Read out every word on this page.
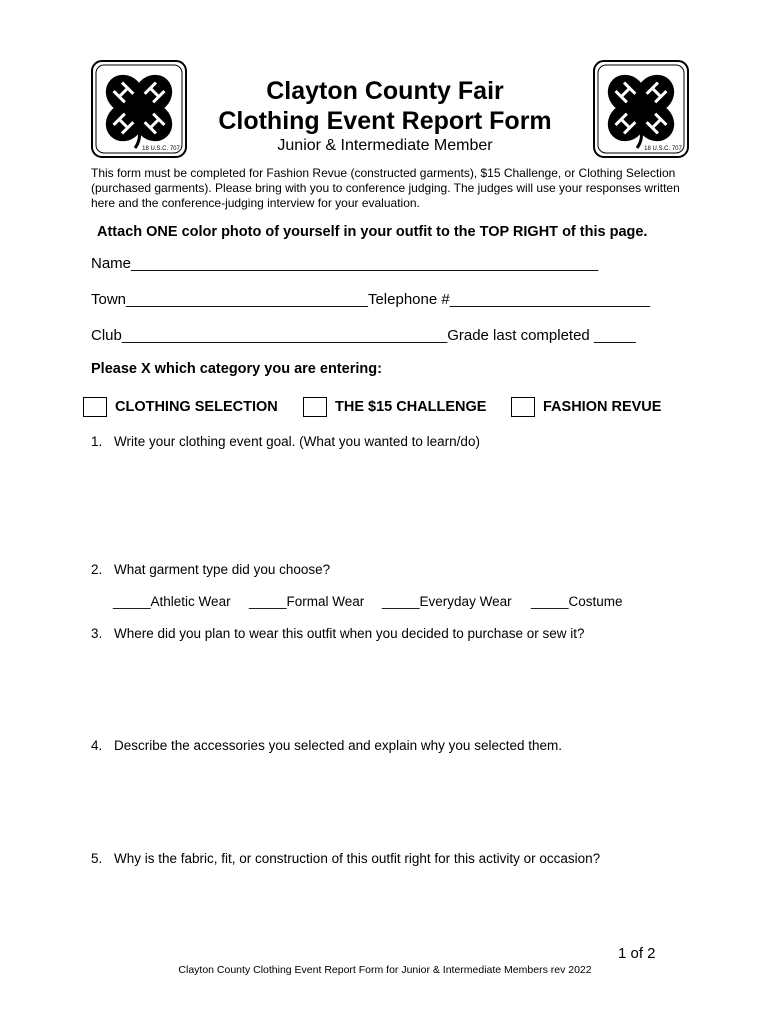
18 U.S.C. 707	18 U.S.C. 707
Clayton County Fair
Clothing Event Report Form
Junior & Intermediate Member
This form must be completed for Fashion Revue (constructed garments), $15 Challenge, or Clothing Selection (purchased garments). Please bring with you to conference judging. The judges will use your responses written here and the conference-judging interview for your evaluation.
Attach ONE color photo of yourself in your outfit to the TOP RIGHT of this page.
Name________________________________________________________
Town_____________________________Telephone #________________________
Club_______________________________________Grade last completed _____
Please X which category you are entering:
CLOTHING SELECTION	THE $15 CHALLENGE	FASHION REVUE
1. Write your clothing event goal. (What you wanted to learn/do)
2. What garment type did you choose?
_____Athletic Wear _____Formal Wear _____Everyday Wear _____Costume
3. Where did you plan to wear this outfit when you decided to purchase or sew it?
4. Describe the accessories you selected and explain why you selected them.
5. Why is the fabric, fit, or construction of this outfit right for this activity or occasion?
1 of 2
Clayton County Clothing Event Report Form for Junior & Intermediate Members rev 2022
